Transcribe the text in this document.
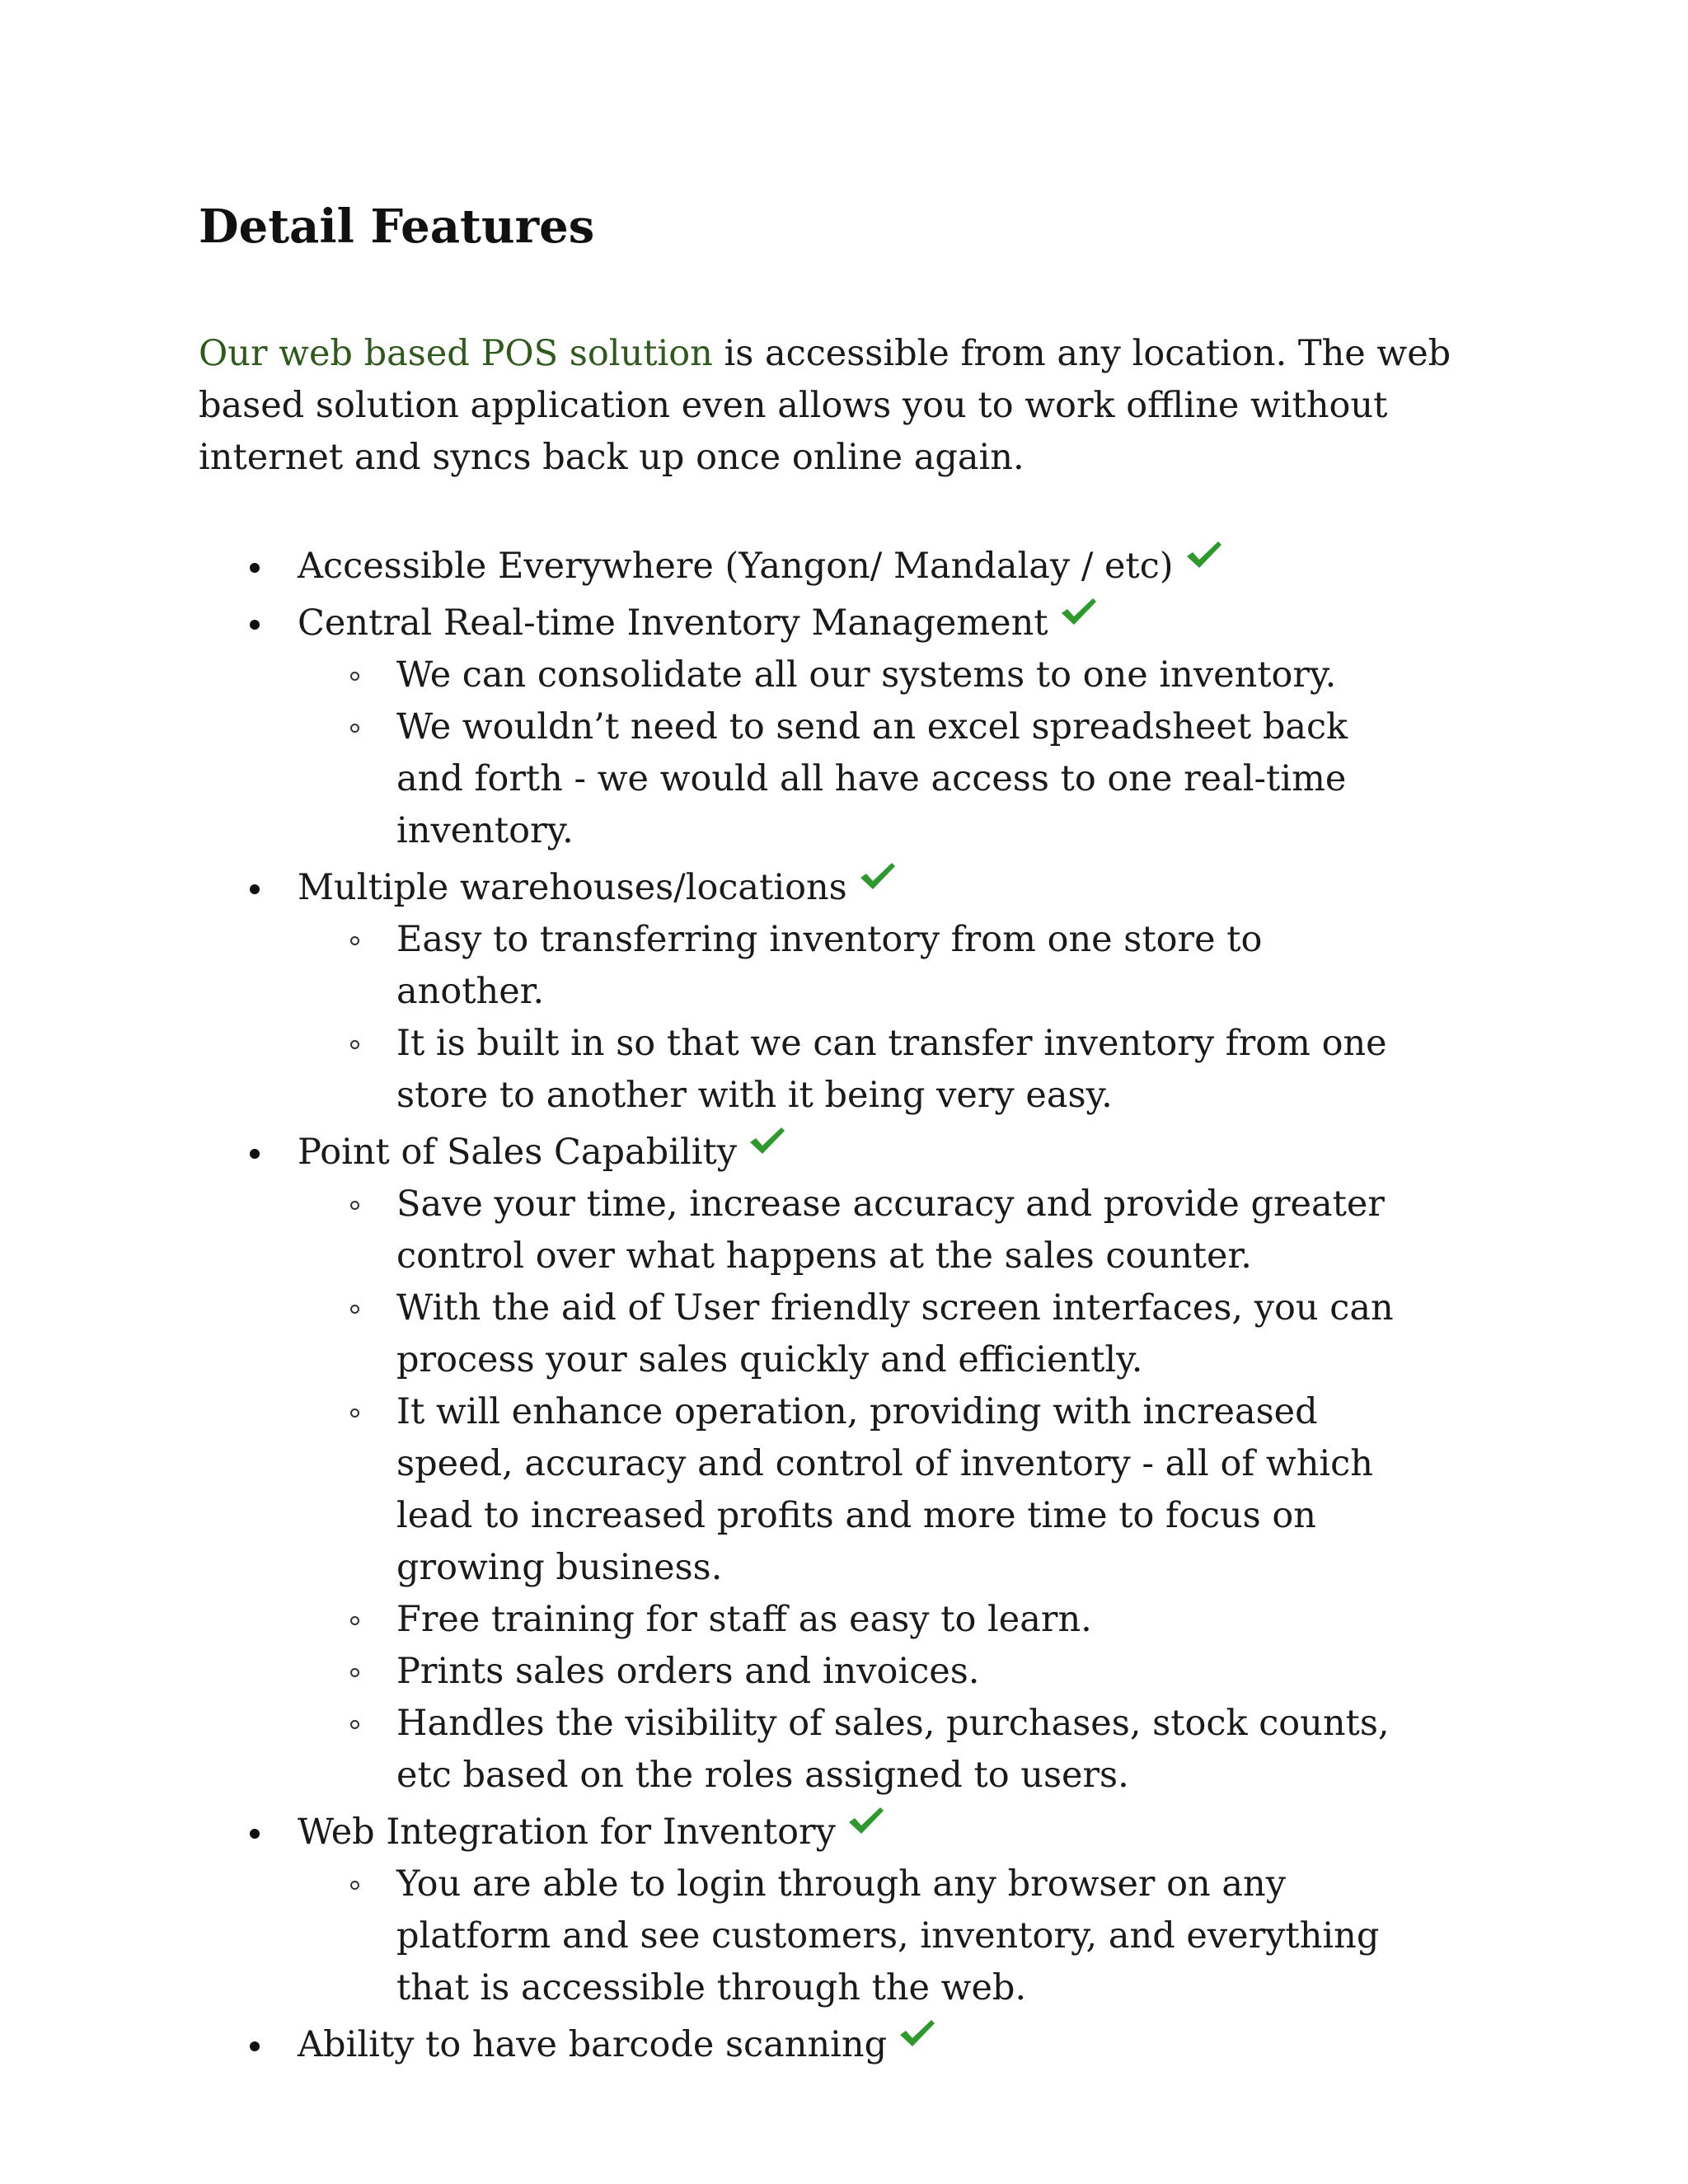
Detail Features

Our web based POS solution is accessible from any location. The web based solution application even allows you to work offline without internet and syncs back up once online again.

Accessible Everywhere (Yangon/ Mandalay / etc)
Central Real-time Inventory Management
We can consolidate all our systems to one inventory.
We wouldn’t need to send an excel spreadsheet back and forth - we would all have access to one real-time inventory.
Multiple warehouses/locations
Easy to transferring inventory from one store to another.
It is built in so that we can transfer inventory from one store to another with it being very easy.
Point of Sales Capability
Save your time, increase accuracy and provide greater control over what happens at the sales counter.
With the aid of User friendly screen interfaces, you can process your sales quickly and efficiently.
It will enhance operation, providing with increased speed, accuracy and control of inventory - all of which lead to increased profits and more time to focus on growing business.
Free training for staff as easy to learn.
Prints sales orders and invoices.
Handles the visibility of sales, purchases, stock counts, etc based on the roles assigned to users.
Web Integration for Inventory
You are able to login through any browser on any platform and see customers, inventory, and everything that is accessible through the web.
Ability to have barcode scanning
